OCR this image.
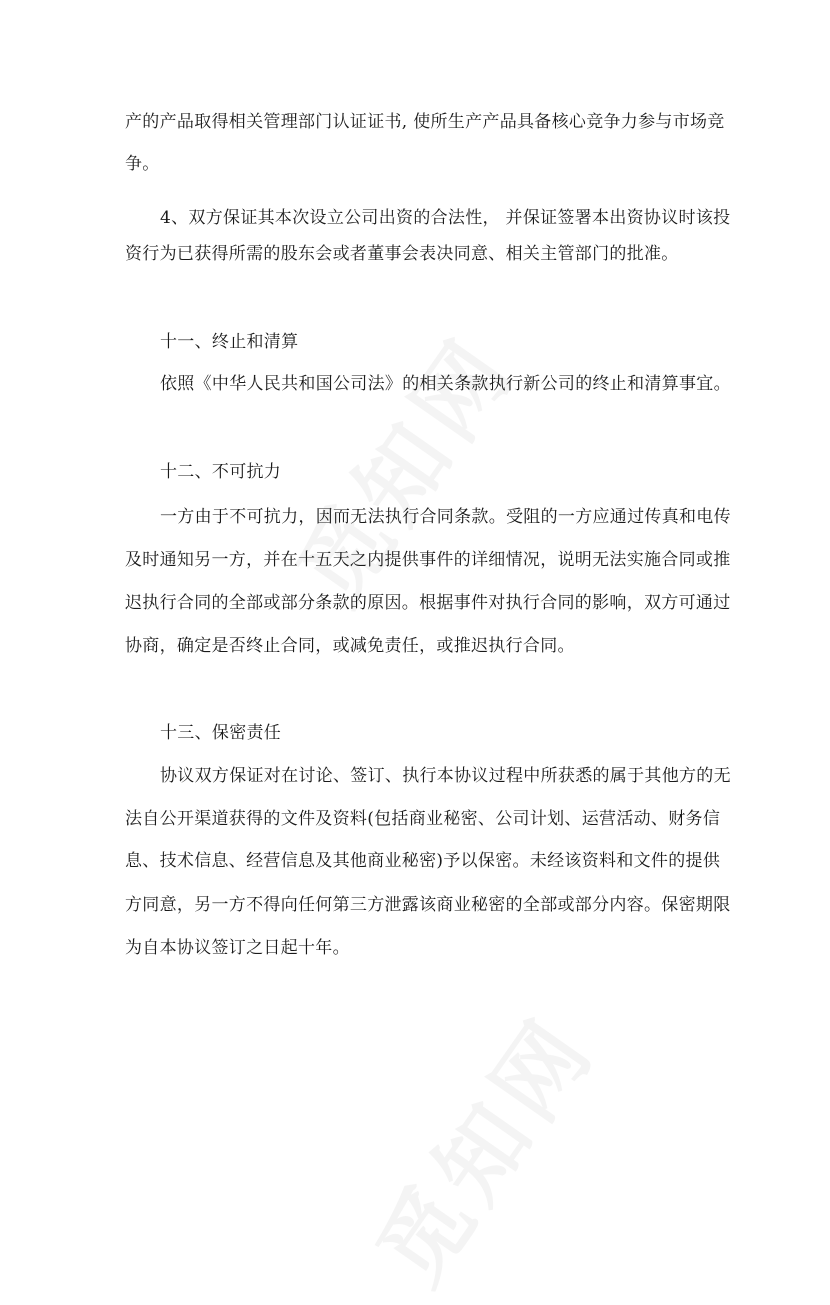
产的产品取得相关管理部门认证证书, 使所生产产品具备核心竞争力参与市场竞
争。
4、双方保证其本次设立公司出资的合法性， 并保证签署本出资协议时该投
资行为已获得所需的股东会或者董事会表决同意、相关主管部门的批准。
十一、终止和清算
依照《中华人民共和国公司法》的相关条款执行新公司的终止和清算事宜。
十二、不可抗力
一方由于不可抗力，因而无法执行合同条款。受阻的一方应通过传真和电传
及时通知另一方，并在十五天之内提供事件的详细情况，说明无法实施合同或推
迟执行合同的全部或部分条款的原因。根据事件对执行合同的影响，双方可通过
协商，确定是否终止合同，或减免责任，或推迟执行合同。
十三、保密责任
协议双方保证对在讨论、签订、执行本协议过程中所获悉的属于其他方的无
法自公开渠道获得的文件及资料(包括商业秘密、公司计划、运营活动、财务信
息、技术信息、经营信息及其他商业秘密)予以保密。未经该资料和文件的提供
方同意，另一方不得向任何第三方泄露该商业秘密的全部或部分内容。保密期限
为自本协议签订之日起十年。
